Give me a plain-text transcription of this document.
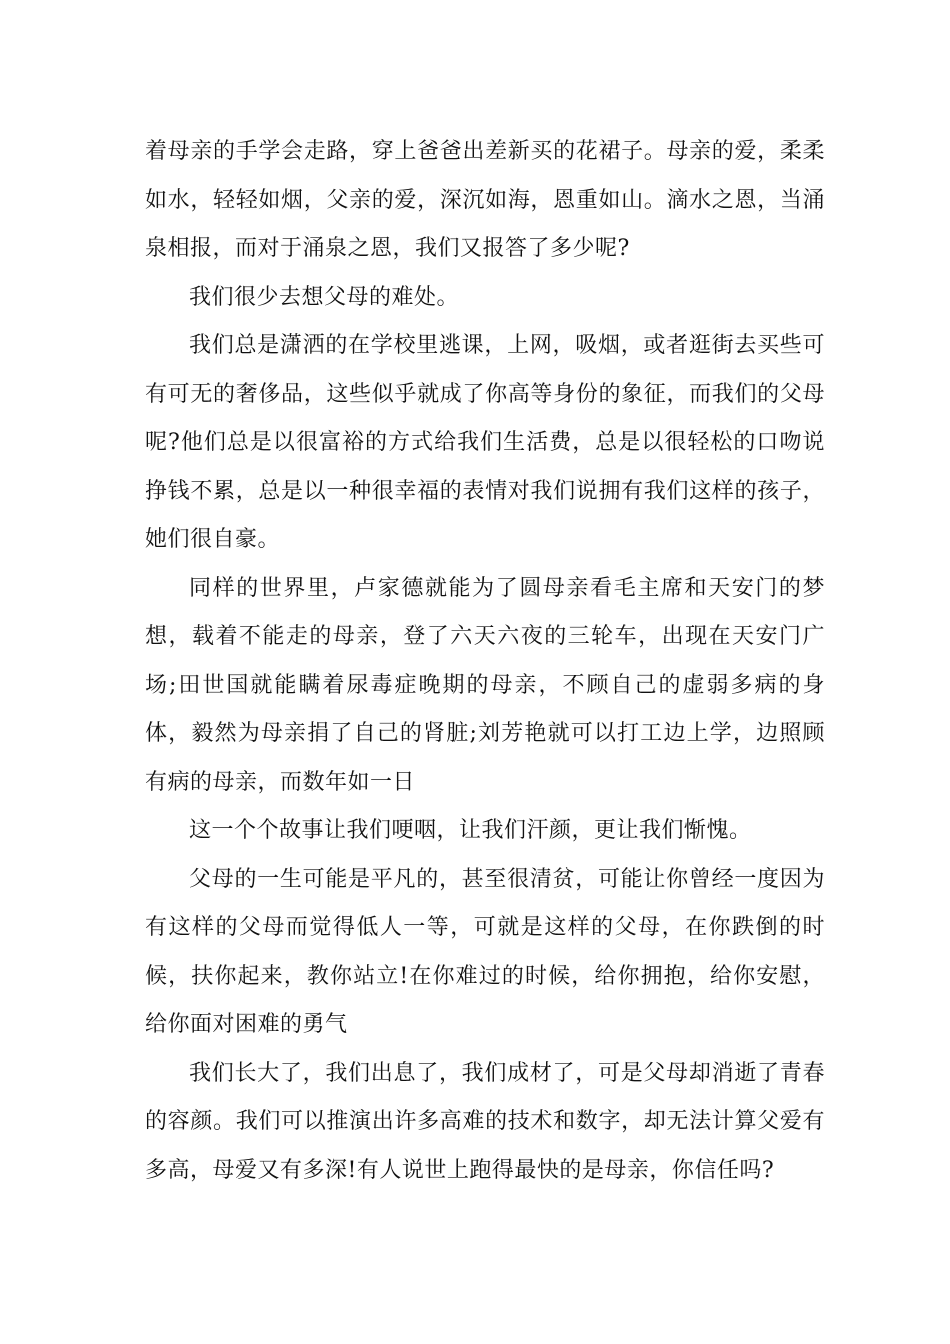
着母亲的手学会走路，穿上爸爸出差新买的花裙子。母亲的爱，柔柔如水，轻轻如烟，父亲的爱，深沉如海，恩重如山。滴水之恩，当涌泉相报，而对于涌泉之恩，我们又报答了多少呢?

我们很少去想父母的难处。

我们总是潇洒的在学校里逃课，上网，吸烟，或者逛街去买些可有可无的奢侈品，这些似乎就成了你高等身份的象征，而我们的父母呢?他们总是以很富裕的方式给我们生活费，总是以很轻松的口吻说挣钱不累，总是以一种很幸福的表情对我们说拥有我们这样的孩子，她们很自豪。

同样的世界里，卢家德就能为了圆母亲看毛主席和天安门的梦想，载着不能走的母亲，登了六天六夜的三轮车，出现在天安门广场;田世国就能瞒着尿毒症晚期的母亲，不顾自己的虚弱多病的身体，毅然为母亲捐了自己的肾脏;刘芳艳就可以打工边上学，边照顾有病的母亲，而数年如一日

这一个个故事让我们哽咽，让我们汗颜，更让我们惭愧。

父母的一生可能是平凡的，甚至很清贫，可能让你曾经一度因为有这样的父母而觉得低人一等，可就是这样的父母，在你跌倒的时候，扶你起来，教你站立!在你难过的时候，给你拥抱，给你安慰，给你面对困难的勇气

我们长大了，我们出息了，我们成材了，可是父母却消逝了青春的容颜。我们可以推演出许多高难的技术和数字，却无法计算父爱有多高，母爱又有多深!有人说世上跑得最快的是母亲，你信任吗?
